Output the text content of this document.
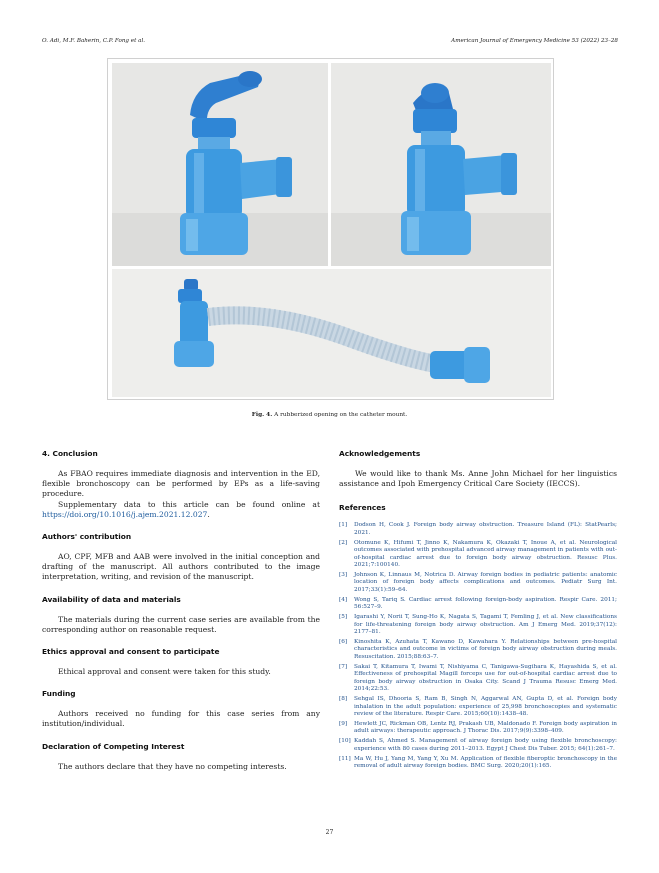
O. Adi, M.F. Baherin, C.P. Fong et al.	American Journal of Emergency Medicine 53 (2022) 23–28
Fig. 4. A rubberized opening on the catheter mount.
4. Conclusion

As FBAO requires immediate diagnosis and intervention in the ED, flexible bronchoscopy can be performed by EPs as a life-saving procedure.

Supplementary data to this article can be found online at https://doi.org/10.1016/j.ajem.2021.12.027.

Authors' contribution

AO, CPF, MFB and AAB were involved in the initial conception and drafting of the manuscript. All authors contributed to the image interpretation, writing, and revision of the manuscript.

Availability of data and materials

The materials during the current case series are available from the corresponding author on reasonable request.

Ethics approval and consent to participate

Ethical approval and consent were taken for this study.

Funding

Authors received no funding for this case series from any institution/individual.

Declaration of Competing Interest

The authors declare that they have no competing interests.

Acknowledgements

We would like to thank Ms. Anne John Michael for her linguistics assistance and Ipoh Emergency Critical Care Society (IECCS).

References
[1] Dodson H, Cook J. Foreign body airway obstruction. Treasure Island (FL): StatPearls; 2021.
[2] Otomune K, Hifumi T, Jinno K, Nakamura K, Okazaki T, Inoue A, et al. Neurological outcomes associated with prehospital advanced airway management in patients with out-of-hospital cardiac arrest due to foreign body airway obstruction. Resusc Plus. 2021;7:100140.
[3] Johnson K, Linnaus M, Notrica D. Airway foreign bodies in pediatric patients: anatomic location of foreign body affects complications and outcomes. Pediatr Surg Int. 2017;33(1):59–64.
[4] Wong S, Tariq S. Cardiac arrest following foreign-body aspiration. Respir Care. 2011; 56:527–9.
[5] Igarashi Y, Norii T, Sung-Ho K, Nagata S, Tagami T, Femling J, et al. New classifications for life-threatening foreign body airway obstruction. Am J Emerg Med. 2019;37(12): 2177–81.
[6] Kinoshita K, Azuhata T, Kawano D, Kawahara Y. Relationships between pre-hospital characteristics and outcome in victims of foreign body airway obstruction during meals. Resuscitation. 2015;88:63–7.
[7] Sakai T, Kitamura T, Iwami T, Nishiyama C, Tanigawa-Sugihara K, Hayashida S, et al. Effectiveness of prehospital Magill forceps use for out-of-hospital cardiac arrest due to foreign body airway obstruction in Osaka City. Scand J Trauma Resusc Emerg Med. 2014;22:53.
[8] Sehgal IS, Dhooria S, Ram B, Singh N, Aggarwal AN, Gupta D, et al. Foreign body inhalation in the adult population: experience of 25,998 bronchoscopies and systematic review of the literature. Respir Care. 2015;60(10):1438–48.
[9] Hewlett JC, Rickman OB, Lentz RJ, Prakash UB, Maldonado F. Foreign body aspiration in adult airways: therapeutic approach. J Thorac Dis. 2017;9(9):3398–409.
[10] Kaddah S, Ahmed S. Management of airway foreign body using flexible bronchoscopy: experience with 80 cases during 2011–2013. Egypt J Chest Dis Tuber. 2015; 64(1):261–7.
[11] Ma W, Hu J, Yang M, Yang Y, Xu M. Application of flexible fiberoptic bronchoscopy in the removal of adult airway foreign bodies. BMC Surg. 2020;20(1):165.
27
